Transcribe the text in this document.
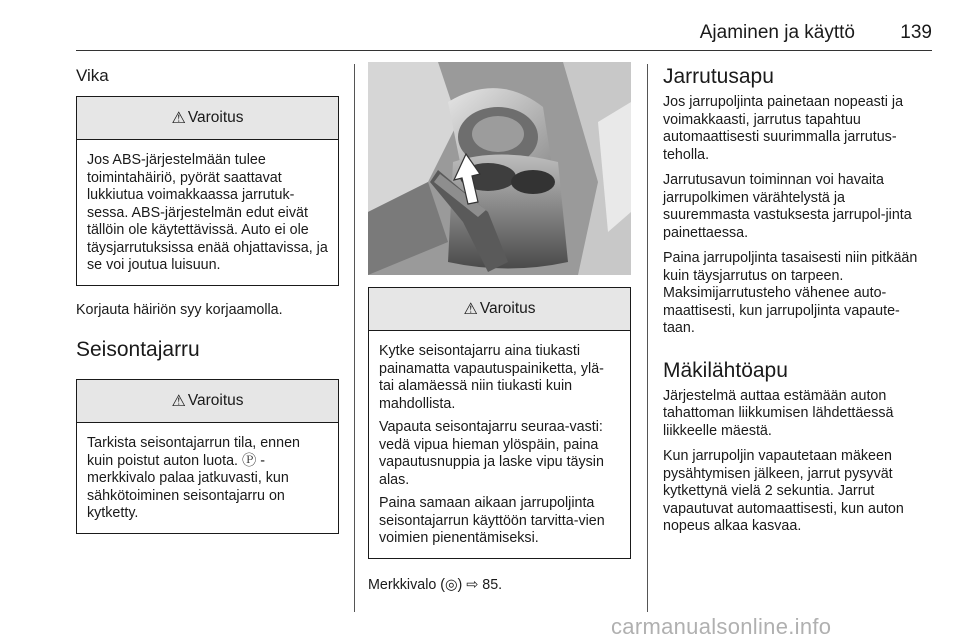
Ajaminen ja käyttö	139
Vika
⚠ Varoitus
Jos ABS-järjestelmään tulee toimintahäiriö, pyörät saattavat lukkiutua voimakkaassa jarrutuk-sessa. ABS-järjestelmän edut eivät tällöin ole käytettävissä. Auto ei ole täysjarrutuksissa enää ohjattavissa, ja se voi joutua luisuun.

Korjauta häiriön syy korjaamolla.

Seisontajarru
⚠ Varoitus
Tarkista seisontajarrun tila, ennen kuin poistut auton luota. Ⓟ -merkkivalo palaa jatkuvasti, kun sähkötoiminen seisontajarru on kytketty.
⚠ Varoitus

Kytke seisontajarru aina tiukasti painamatta vapautuspainiketta, ylä- tai alamäessä niin tiukasti kuin mahdollista.

Vapauta seisontajarru seuraa-vasti: vedä vipua hieman ylöspäin, paina vapautusnuppia ja laske vipu täysin alas.

Paina samaan aikaan jarrupoljinta seisontajarrun käyttöön tarvitta-vien voimien pienentämiseksi.

Merkkivalo (◎) ⇨ 85.

Jarrutusapu

Jos jarrupoljinta painetaan nopeasti ja voimakkaasti, jarrutus tapahtuu automaattisesti suurimmalla jarrutus-teholla.

Jarrutusavun toiminnan voi havaita jarrupolkimen värähtelystä ja suuremmasta vastuksesta jarrupol-jinta painettaessa.

Paina jarrupoljinta tasaisesti niin pitkään kuin täysjarrutus on tarpeen. Maksimijarrutusteho vähenee auto-maattisesti, kun jarrupoljinta vapaute-taan.

Mäkilähtöapu

Järjestelmä auttaa estämään auton tahattoman liikkumisen lähdettäessä liikkeelle mäestä.

Kun jarrupoljin vapautetaan mäkeen pysähtymisen jälkeen, jarrut pysyvät kytkettynä vielä 2 sekuntia. Jarrut vapautuvat automaattisesti, kun auton nopeus alkaa kasvaa.

carmanualsonline.info
